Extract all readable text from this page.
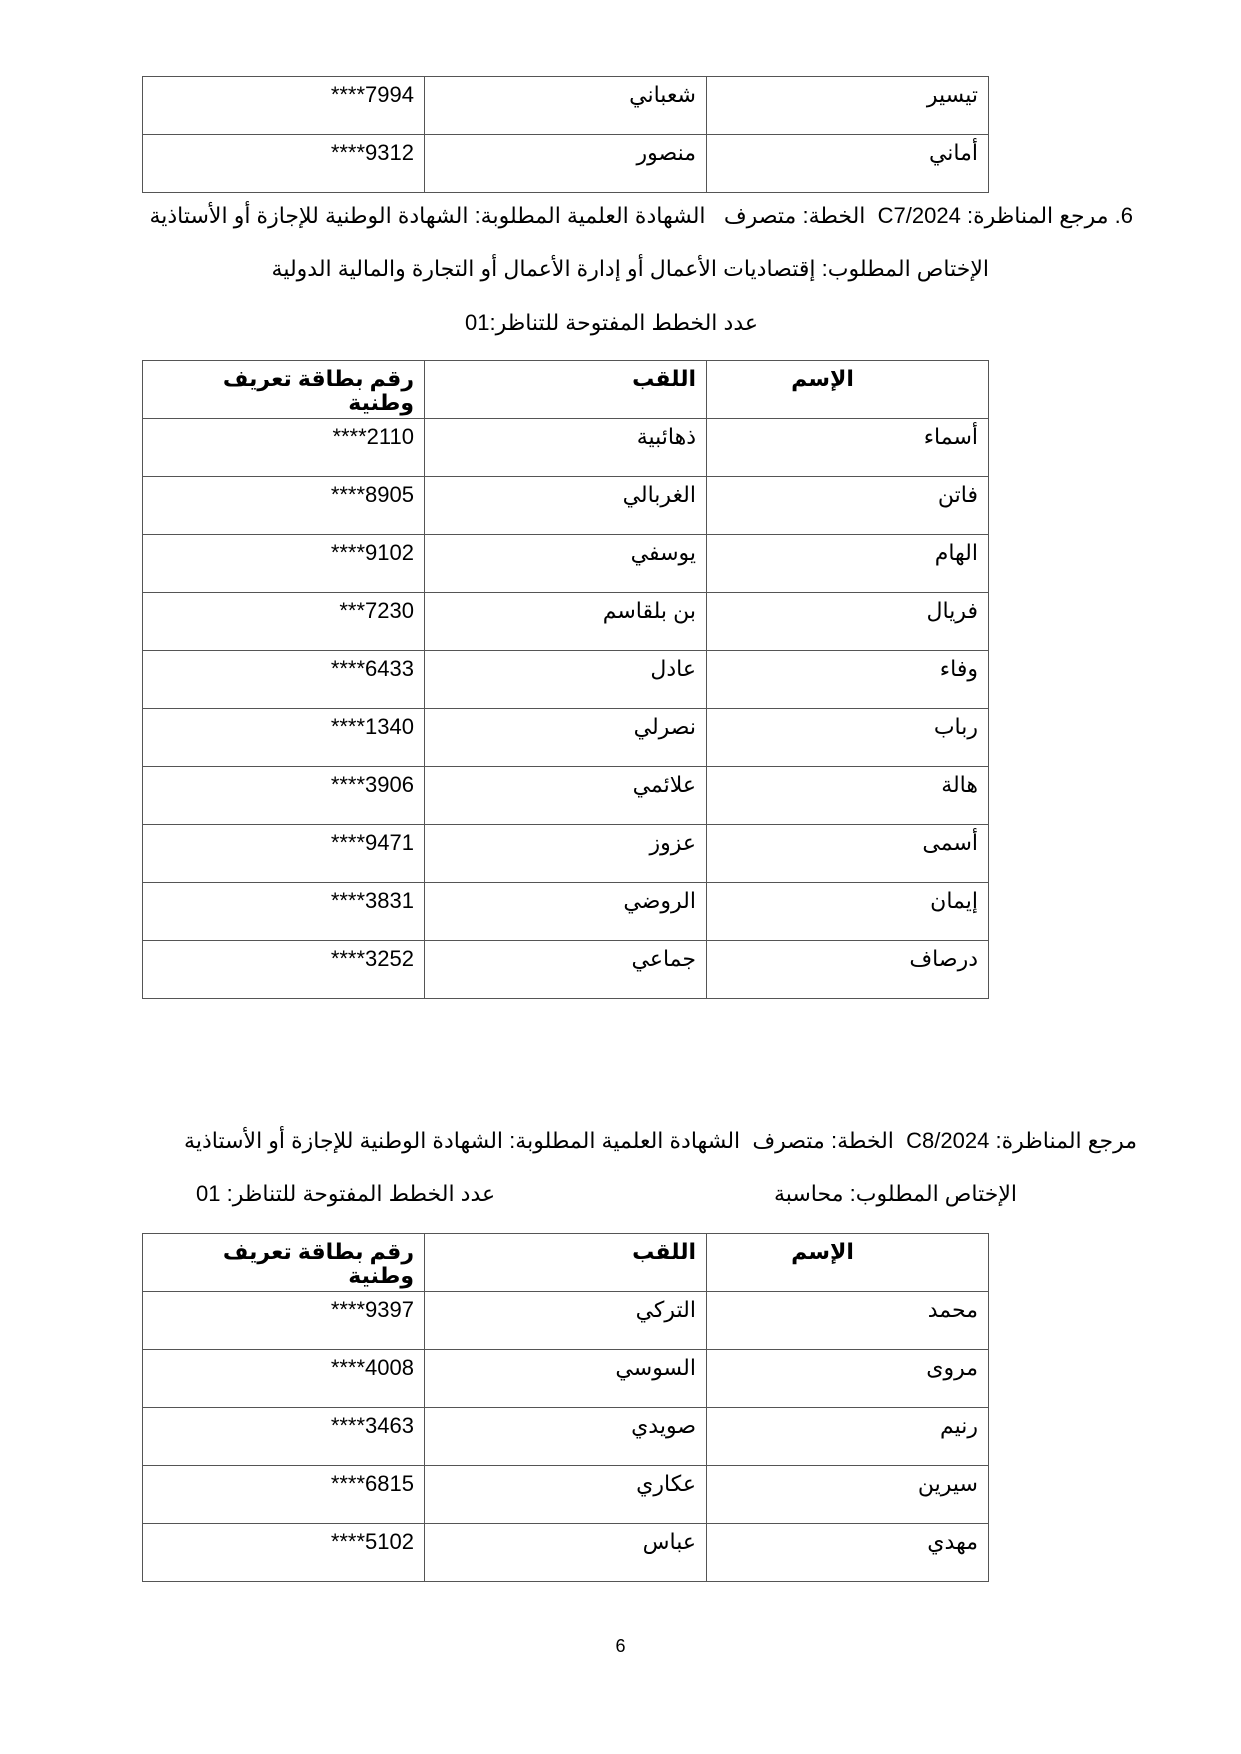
تيسير	شعباني	****7994
أماني	منصور	****9312
6. مرجع المناظرة: C7/2024  الخطة: متصرف   الشهادة العلمية المطلوبة: الشهادة الوطنية للإجازة أو الأستاذية
الإختاص المطلوب: إقتصاديات الأعمال أو إدارة الأعمال أو التجارة والمالية الدولية
عدد الخطط المفتوحة للتناظر:01
الإسم	اللقب	رقم بطاقة تعريف وطنية
أسماء	ذهائبية	****2110
فاتن	الغربالي	****8905
الهام	يوسفي	****9102
فريال	بن بلقاسم	***7230
وفاء	عادل	****6433
رباب	نصرلي	****1340
هالة	علائمي	****3906
أسمى	عزوز	****9471
إيمان	الروضي	****3831
درصاف	جماعي	****3252
مرجع المناظرة: C8/2024  الخطة: متصرف  الشهادة العلمية المطلوبة: الشهادة الوطنية للإجازة أو الأستاذية
الإختاص المطلوب: محاسبة
عدد الخطط المفتوحة للتناظر: 01
الإسم	اللقب	رقم بطاقة تعريف وطنية
محمد	التركي	****9397
مروى	السوسي	****4008
رنيم	صويدي	****3463
سيرين	عكاري	****6815
مهدي	عباس	****5102
6
